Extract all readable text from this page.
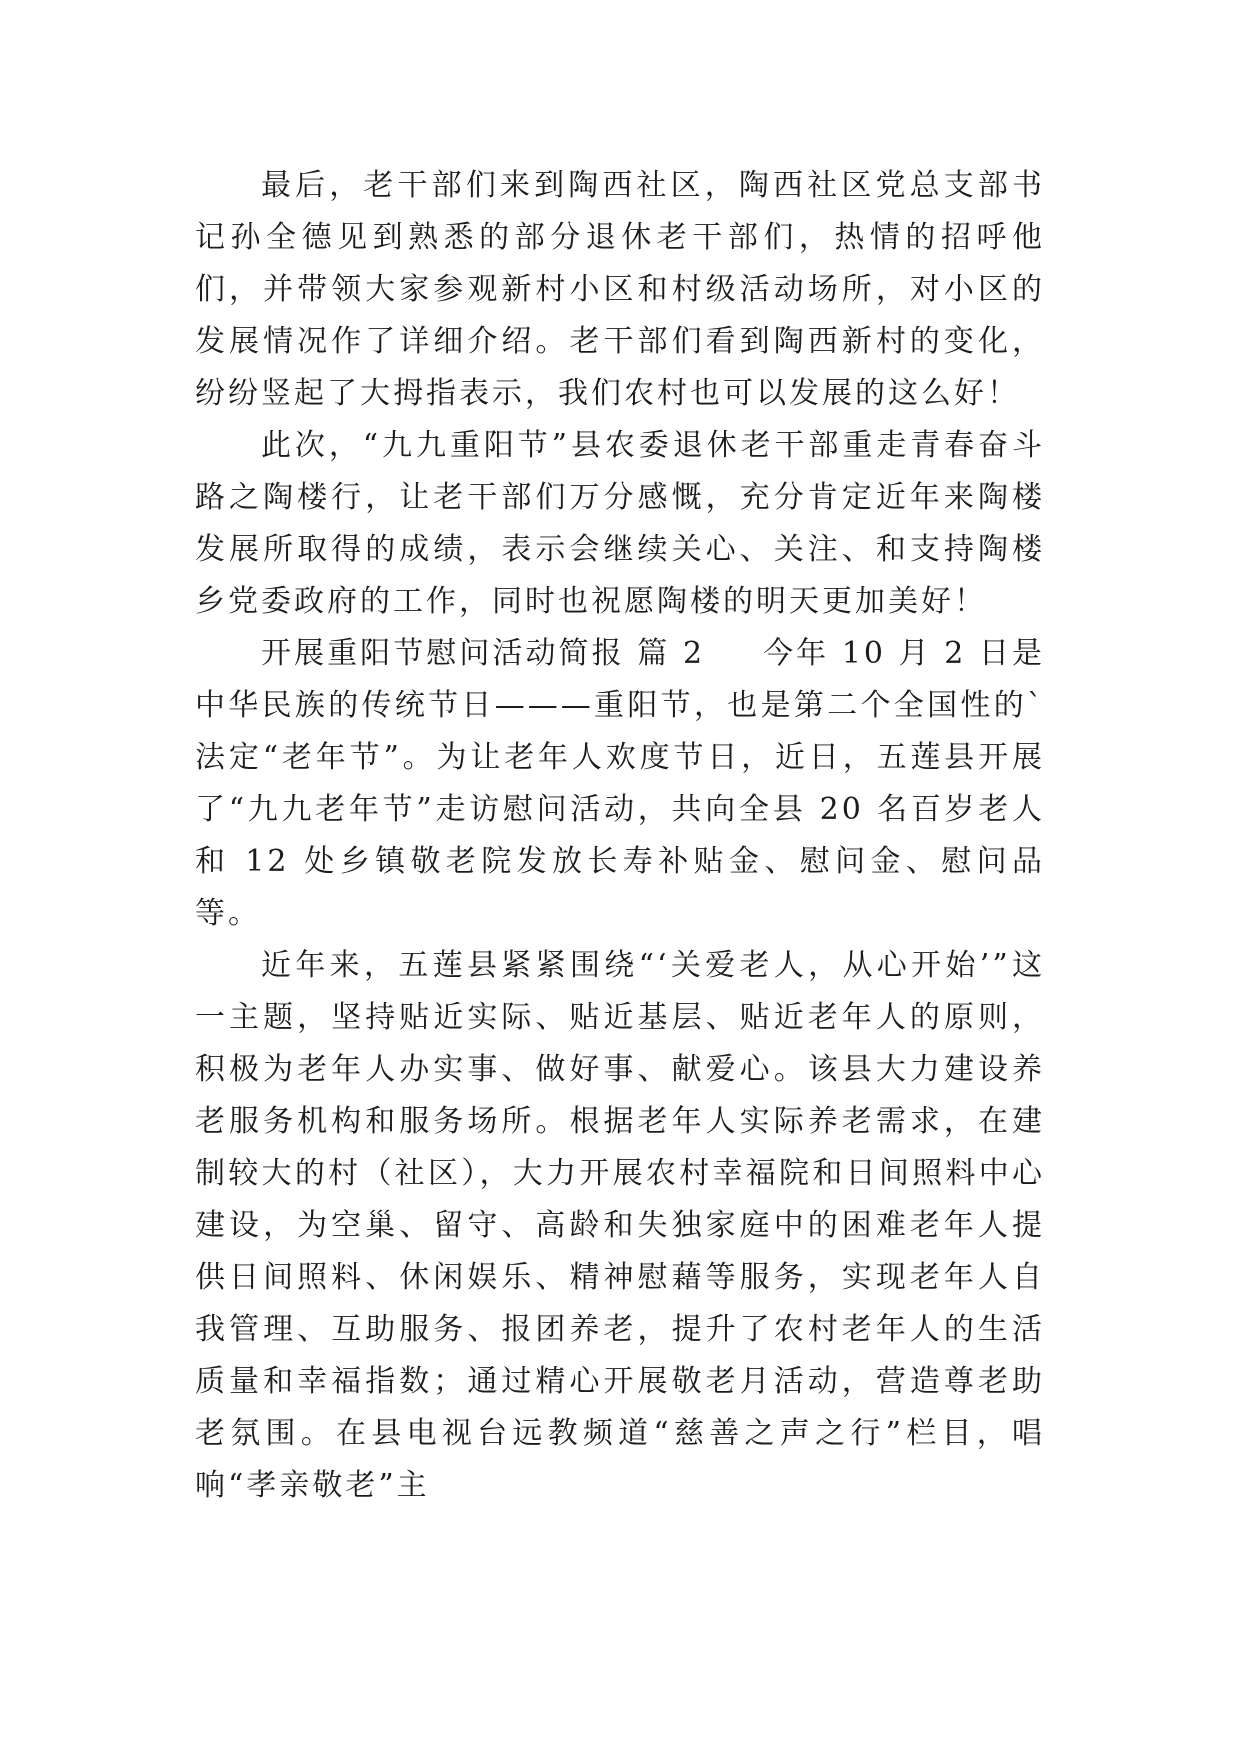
最后，老干部们来到陶西社区，陶西社区党总支部书记孙全德见到熟悉的部分退休老干部们，热情的招呼他们，并带领大家参观新村小区和村级活动场所，对小区的发展情况作了详细介绍。老干部们看到陶西新村的变化，纷纷竖起了大拇指表示，我们农村也可以发展的这么好！

此次，“九九重阳节”县农委退休老干部重走青春奋斗路之陶楼行，让老干部们万分感慨，充分肯定近年来陶楼发展所取得的成绩，表示会继续关心、关注、和支持陶楼乡党委政府的工作，同时也祝愿陶楼的明天更加美好！

开展重阳节慰问活动简报 篇 2 今年 10 月 2 日是中华民族的传统节日———重阳节，也是第二个全国性的`法定“老年节”。为让老年人欢度节日，近日，五莲县开展了“九九老年节”走访慰问活动，共向全县 20 名百岁老人和 12 处乡镇敬老院发放长寿补贴金、慰问金、慰问品等。

近年来，五莲县紧紧围绕“‘关爱老人，从心开始’”这一主题，坚持贴近实际、贴近基层、贴近老年人的原则，积极为老年人办实事、做好事、献爱心。该县大力建设养老服务机构和服务场所。根据老年人实际养老需求，在建制较大的村（社区），大力开展农村幸福院和日间照料中心建设，为空巢、留守、高龄和失独家庭中的困难老年人提供日间照料、休闲娱乐、精神慰藉等服务，实现老年人自我管理、互助服务、报团养老，提升了农村老年人的生活质量和幸福指数；通过精心开展敬老月活动，营造尊老助老氛围。在县电视台远教频道“慈善之声之行”栏目，唱响“孝亲敬老”主
